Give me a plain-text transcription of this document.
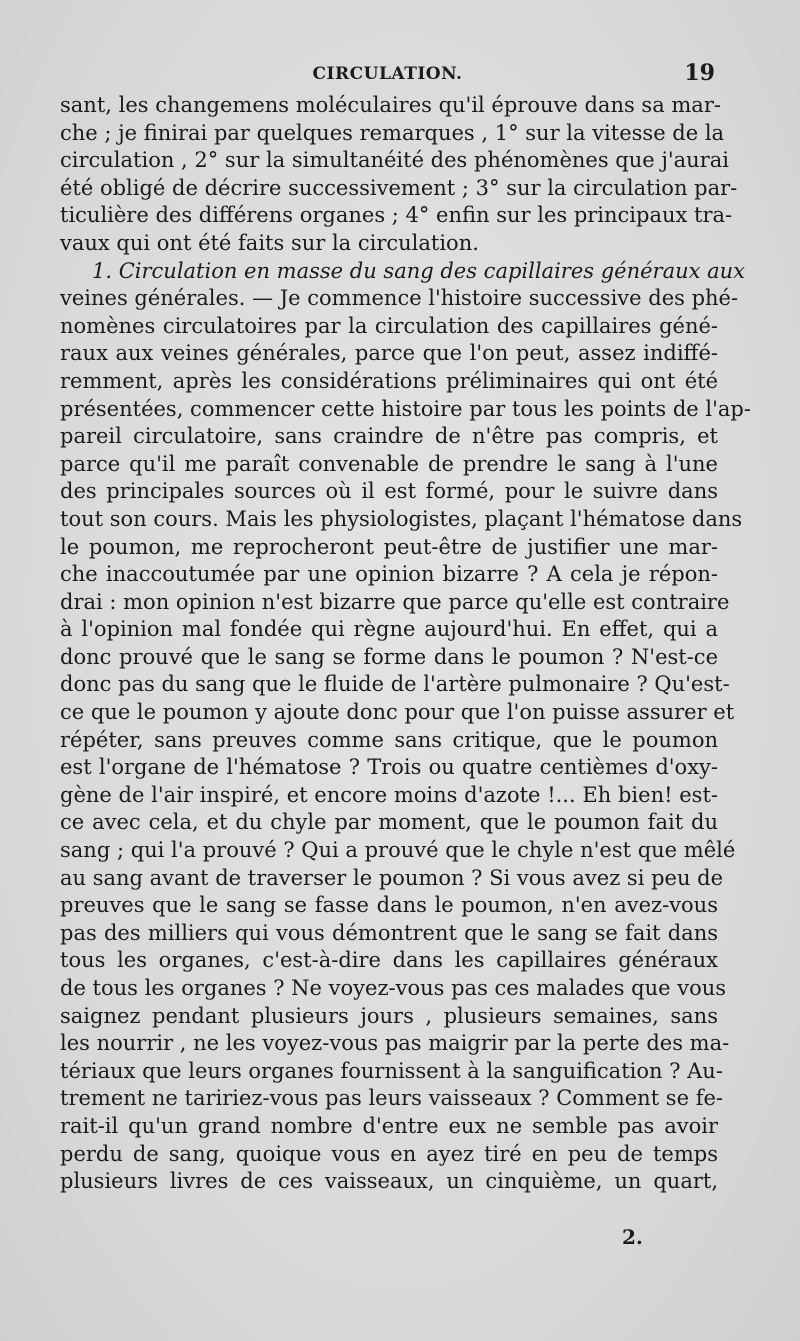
CIRCULATION.	19
sant, les changemens moléculaires qu'il éprouve dans sa mar-
che ; je finirai par quelques remarques , 1° sur la vitesse de la
circulation , 2° sur la simultanéité des phénomènes que j'aurai
été obligé de décrire successivement ; 3° sur la circulation par-
ticulière des différens organes ; 4° enfin sur les principaux tra-
vaux qui ont été faits sur la circulation.
1. Circulation en masse du sang des capillaires généraux aux
veines générales. — Je commence l'histoire successive des phé-
nomènes circulatoires par la circulation des capillaires géné-
raux aux veines générales, parce que l'on peut, assez indiffé-
remment, après les considérations préliminaires qui ont été
présentées, commencer cette histoire par tous les points de l'ap-
pareil circulatoire, sans craindre de n'être pas compris, et
parce qu'il me paraît convenable de prendre le sang à l'une
des principales sources où il est formé, pour le suivre dans
tout son cours. Mais les physiologistes, plaçant l'hématose dans
le poumon, me reprocheront peut-être de justifier une mar-
che inaccoutumée par une opinion bizarre ? A cela je répon-
drai : mon opinion n'est bizarre que parce qu'elle est contraire
à l'opinion mal fondée qui règne aujourd'hui. En effet, qui a
donc prouvé que le sang se forme dans le poumon ? N'est-ce
donc pas du sang que le fluide de l'artère pulmonaire ? Qu'est-
ce que le poumon y ajoute donc pour que l'on puisse assurer et
répéter, sans preuves comme sans critique, que le poumon
est l'organe de l'hématose ? Trois ou quatre centièmes d'oxy-
gène de l'air inspiré, et encore moins d'azote !... Eh bien! est-
ce avec cela, et du chyle par moment, que le poumon fait du
sang ; qui l'a prouvé ? Qui a prouvé que le chyle n'est que mêlé
au sang avant de traverser le poumon ? Si vous avez si peu de
preuves que le sang se fasse dans le poumon, n'en avez-vous
pas des milliers qui vous démontrent que le sang se fait dans
tous les organes, c'est-à-dire dans les capillaires généraux
de tous les organes ? Ne voyez-vous pas ces malades que vous
saignez pendant plusieurs jours , plusieurs semaines, sans
les nourrir , ne les voyez-vous pas maigrir par la perte des ma-
tériaux que leurs organes fournissent à la sanguification ? Au-
trement ne taririez-vous pas leurs vaisseaux ? Comment se fe-
rait-il qu'un grand nombre d'entre eux ne semble pas avoir
perdu de sang, quoique vous en ayez tiré en peu de temps
plusieurs livres de ces vaisseaux, un cinquième, un quart,
2.
